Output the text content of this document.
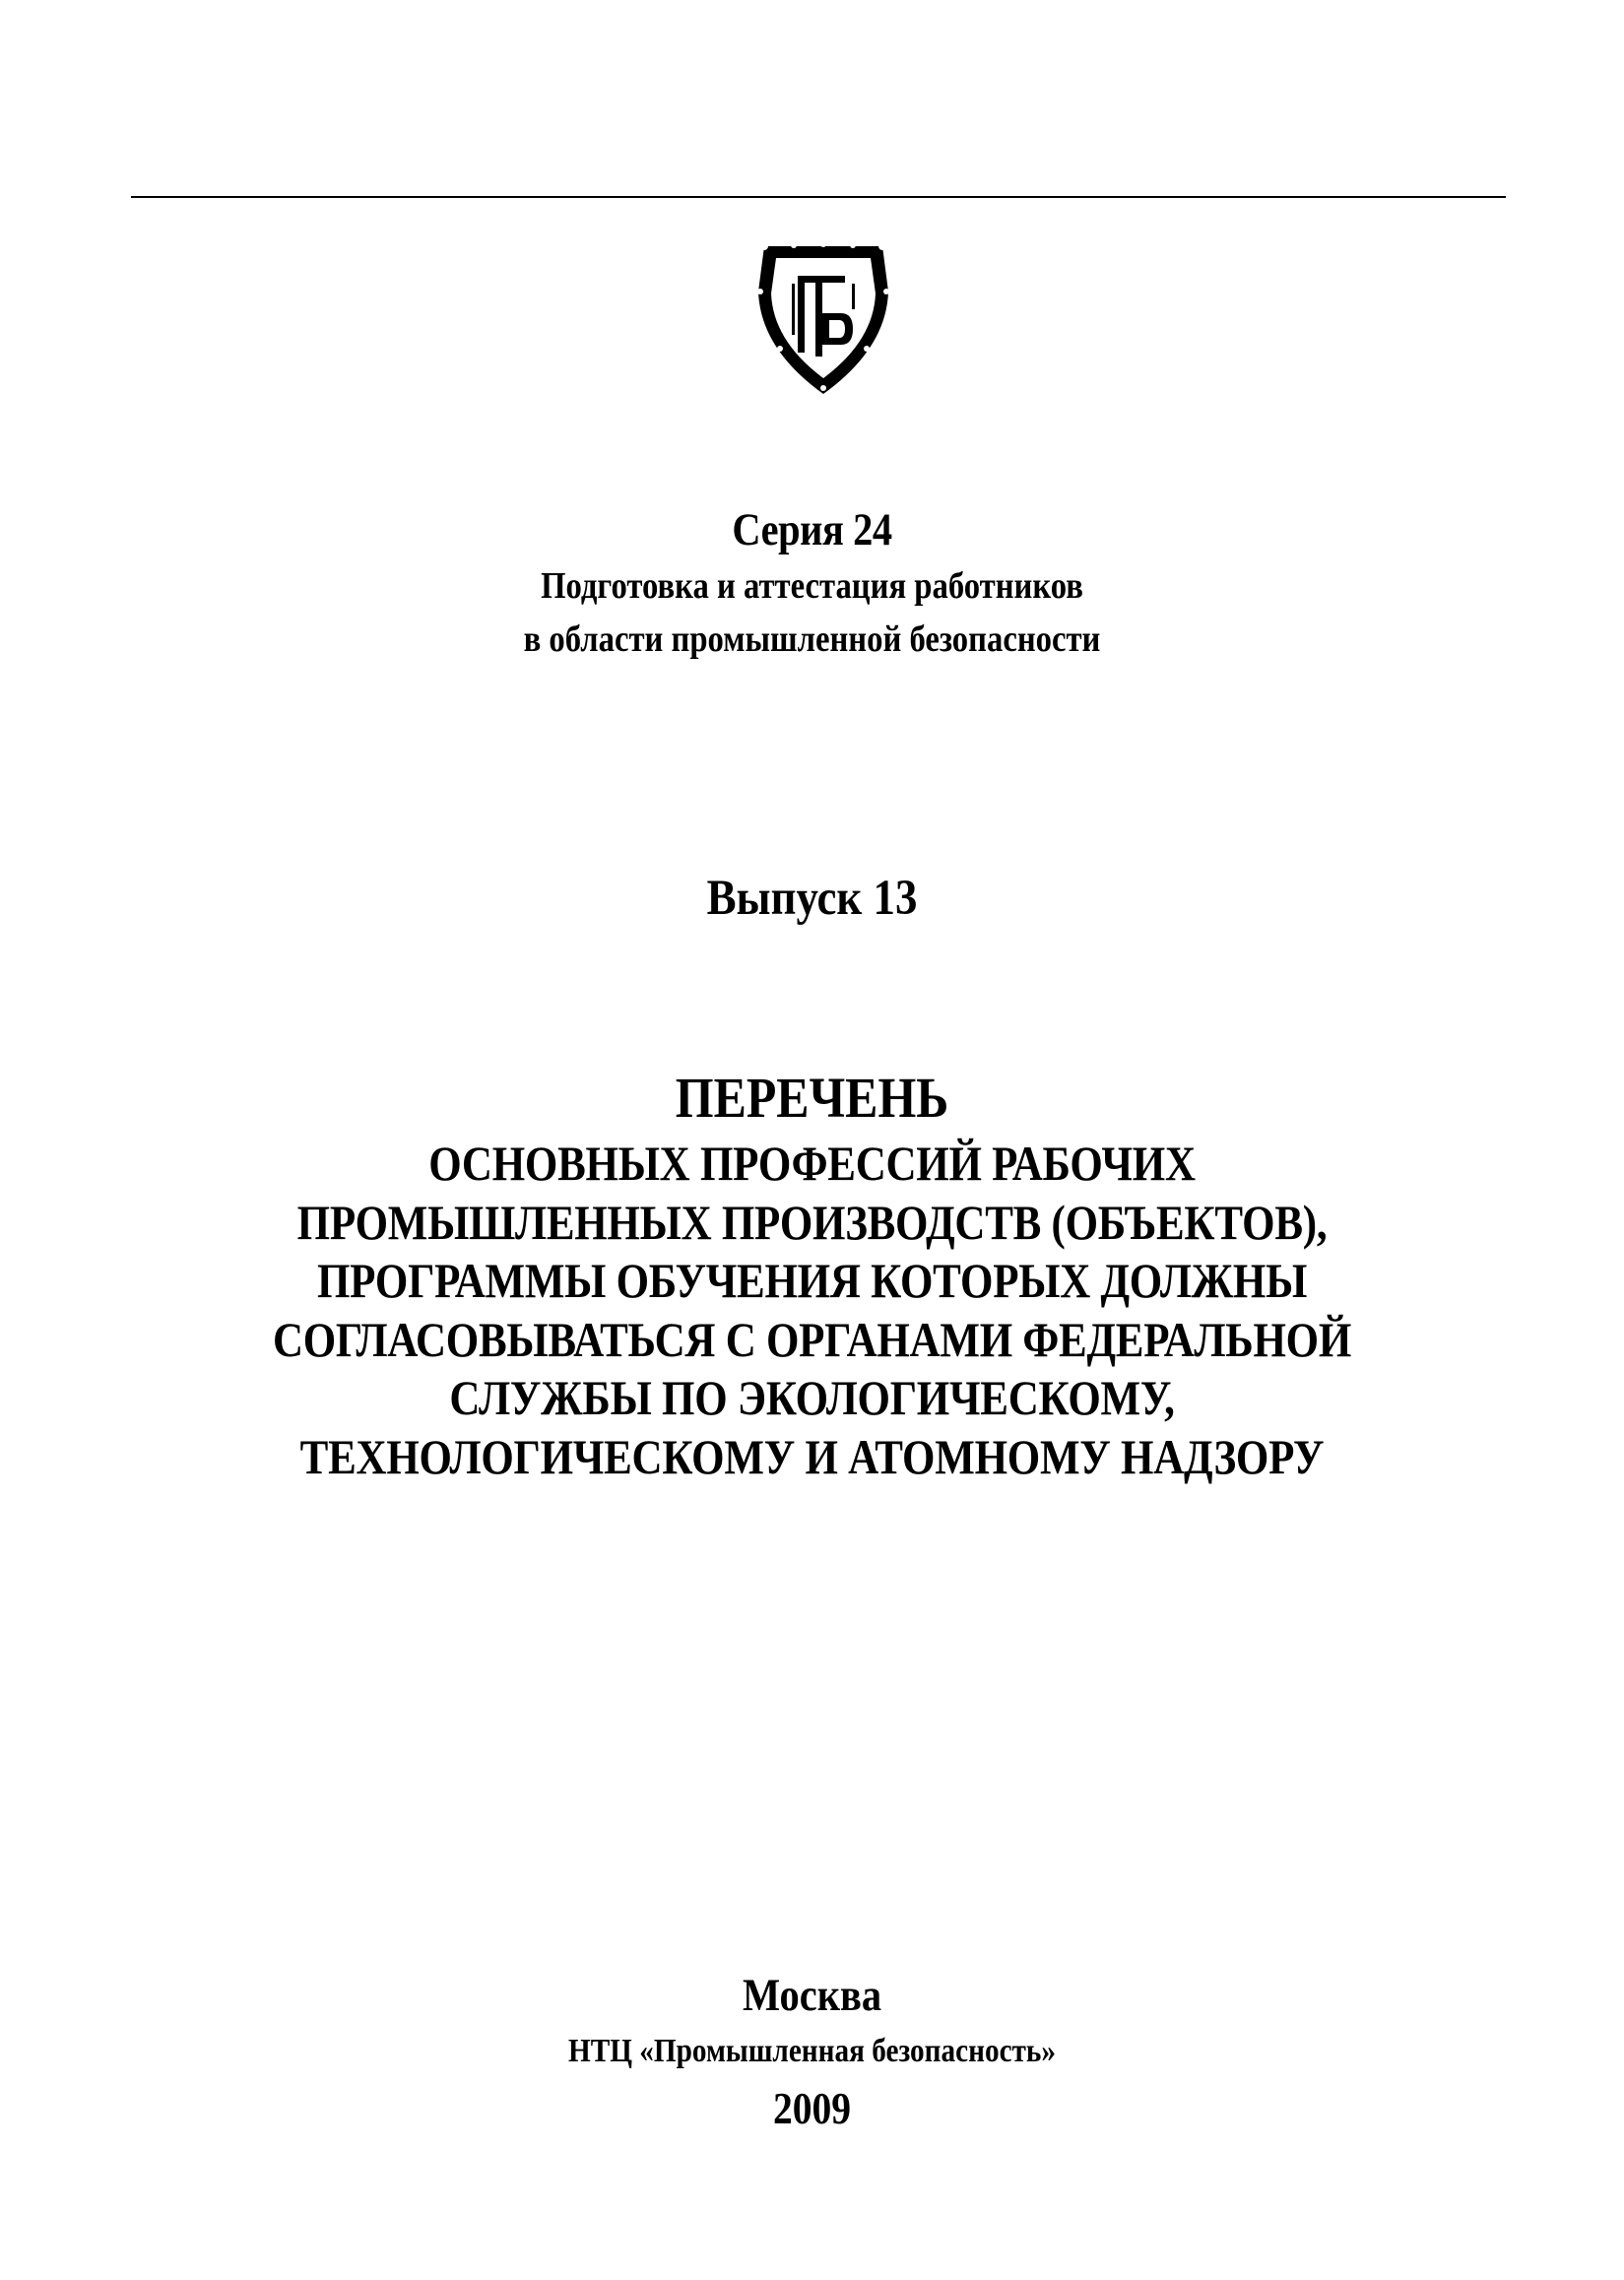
Серия 24
Подготовка и аттестация работников
в области промышленной безопасности
Выпуск 13
ПЕРЕЧЕНЬ
ОСНОВНЫХ ПРОФЕССИЙ РАБОЧИХ
ПРОМЫШЛЕННЫХ ПРОИЗВОДСТВ (ОБЪЕКТОВ),
ПРОГРАММЫ ОБУЧЕНИЯ КОТОРЫХ ДОЛЖНЫ
СОГЛАСОВЫВАТЬСЯ С ОРГАНАМИ ФЕДЕРАЛЬНОЙ
СЛУЖБЫ ПО ЭКОЛОГИЧЕСКОМУ,
ТЕХНОЛОГИЧЕСКОМУ И АТОМНОМУ НАДЗОРУ
Москва
НТЦ «Промышленная безопасность»
2009
